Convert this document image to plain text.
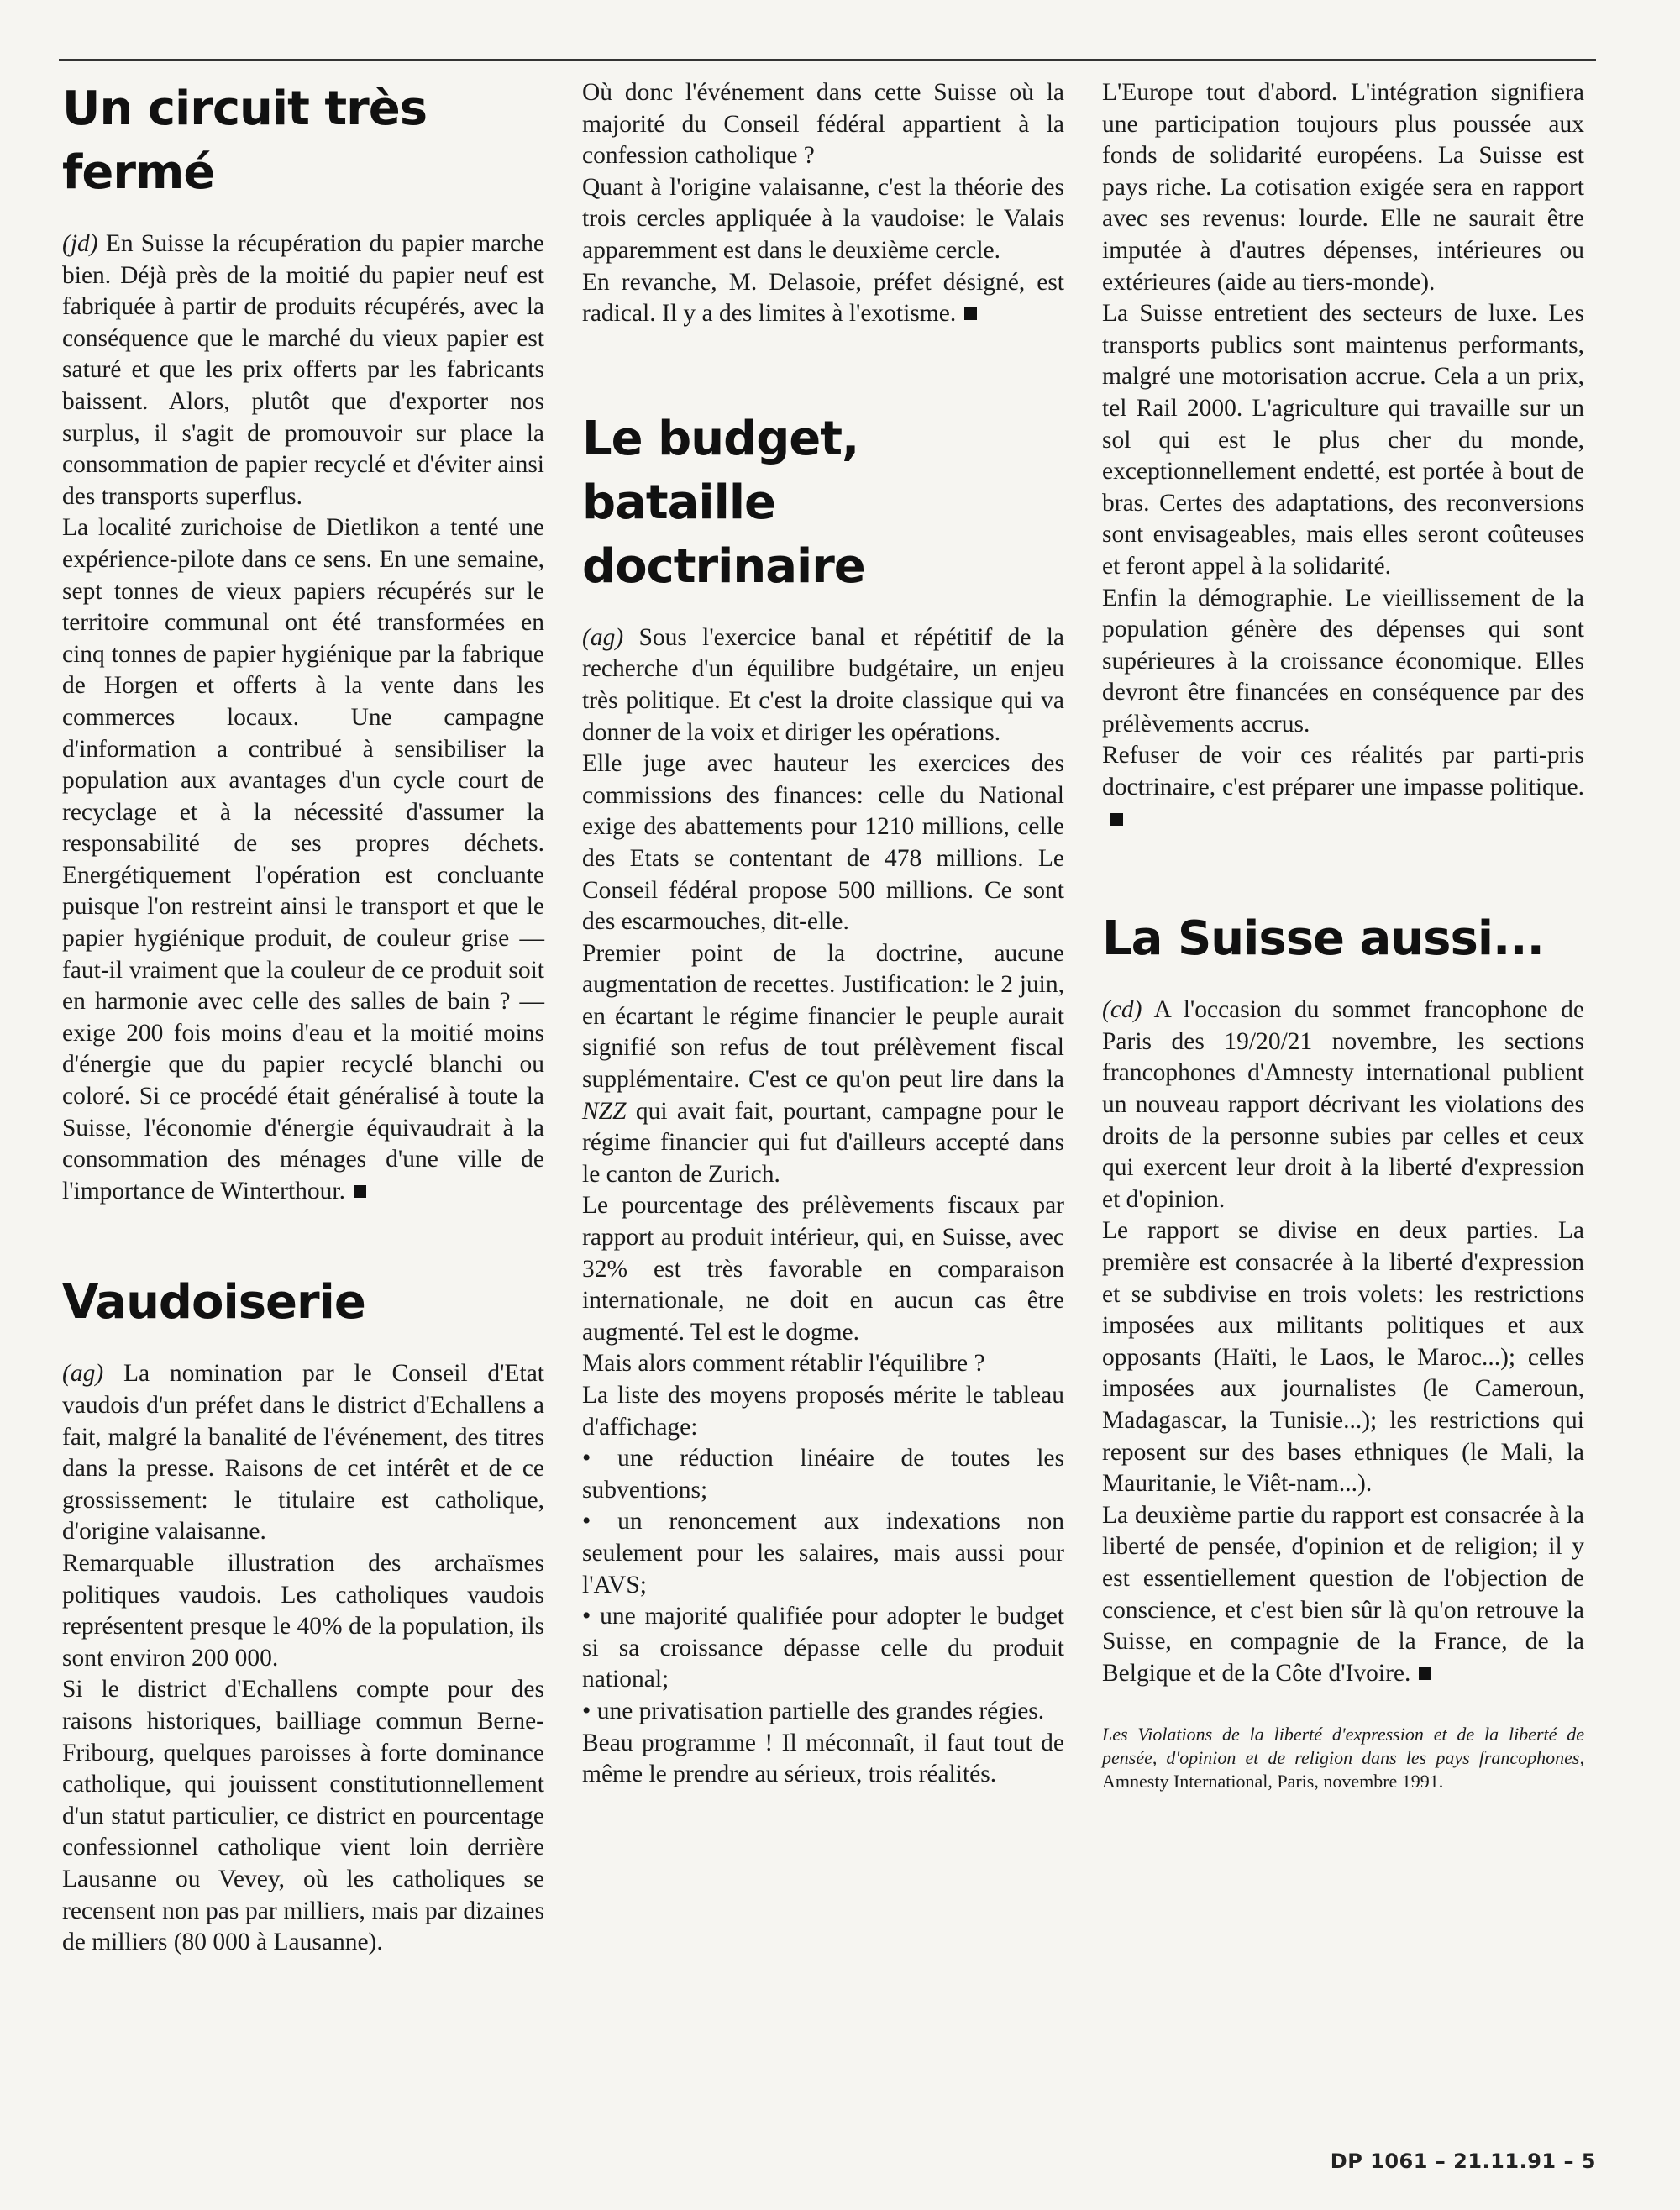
Un circuit très fermé

(jd) En Suisse la récupération du papier marche bien. Déjà près de la moitié du papier neuf est fabriquée à partir de produits récupérés, avec la conséquence que le marché du vieux papier est saturé et que les prix offerts par les fabricants baissent. Alors, plutôt que d'exporter nos surplus, il s'agit de promouvoir sur place la consommation de papier recyclé et d'éviter ainsi des transports superflus.

La localité zurichoise de Dietlikon a tenté une expérience-pilote dans ce sens. En une semaine, sept tonnes de vieux papiers récupérés sur le territoire communal ont été transformées en cinq tonnes de papier hygiénique par la fabrique de Horgen et offerts à la vente dans les commerces locaux. Une campagne d'information a contribué à sensibiliser la population aux avantages d'un cycle court de recyclage et à la nécessité d'assumer la responsabilité de ses propres déchets. Energétiquement l'opération est concluante puisque l'on restreint ainsi le transport et que le papier hygiénique produit, de couleur grise — faut-il vraiment que la couleur de ce produit soit en harmonie avec celle des salles de bain ? — exige 200 fois moins d'eau et la moitié moins d'énergie que du papier recyclé blanchi ou coloré. Si ce procédé était généralisé à toute la Suisse, l'économie d'énergie équivaudrait à la consommation des ménages d'une ville de l'importance de Winterthour.

Vaudoiserie

(ag) La nomination par le Conseil d'Etat vaudois d'un préfet dans le district d'Echallens a fait, malgré la banalité de l'événement, des titres dans la presse. Raisons de cet intérêt et de ce grossissement: le titulaire est catholique, d'origine valaisanne.

Remarquable illustration des archaïsmes politiques vaudois. Les catholiques vaudois représentent presque le 40% de la population, ils sont environ 200 000.

Si le district d'Echallens compte pour des raisons historiques, bailliage commun Berne-Fribourg, quelques paroisses à forte dominance catholique, qui jouissent constitutionnellement d'un statut particulier, ce district en pourcentage confessionnel catholique vient loin derrière Lausanne ou Vevey, où les catholiques se recensent non pas par milliers, mais par dizaines de milliers (80 000 à Lausanne).

Où donc l'événement dans cette Suisse où la majorité du Conseil fédéral appartient à la confession catholique ?

Quant à l'origine valaisanne, c'est la théorie des trois cercles appliquée à la vaudoise: le Valais apparemment est dans le deuxième cercle.

En revanche, M. Delasoie, préfet désigné, est radical. Il y a des limites à l'exotisme.

Le budget, bataille doctrinaire

(ag) Sous l'exercice banal et répétitif de la recherche d'un équilibre budgétaire, un enjeu très politique. Et c'est la droite classique qui va donner de la voix et diriger les opérations.

Elle juge avec hauteur les exercices des commissions des finances: celle du National exige des abattements pour 1210 millions, celle des Etats se contentant de 478 millions. Le Conseil fédéral propose 500 millions. Ce sont des escarmouches, dit-elle.

Premier point de la doctrine, aucune augmentation de recettes. Justification: le 2 juin, en écartant le régime financier le peuple aurait signifié son refus de tout prélèvement fiscal supplémentaire. C'est ce qu'on peut lire dans la NZZ qui avait fait, pourtant, campagne pour le régime financier qui fut d'ailleurs accepté dans le canton de Zurich.

Le pourcentage des prélèvements fiscaux par rapport au produit intérieur, qui, en Suisse, avec 32% est très favorable en comparaison internationale, ne doit en aucun cas être augmenté. Tel est le dogme.

Mais alors comment rétablir l'équilibre ?

La liste des moyens proposés mérite le tableau d'affichage:

• une réduction linéaire de toutes les subventions;

• un renoncement aux indexations non seulement pour les salaires, mais aussi pour l'AVS;

• une majorité qualifiée pour adopter le budget si sa croissance dépasse celle du produit national;

• une privatisation partielle des grandes régies.

Beau programme ! Il méconnaît, il faut tout de même le prendre au sérieux, trois réalités.

L'Europe tout d'abord. L'intégration signifiera une participation toujours plus poussée aux fonds de solidarité européens. La Suisse est pays riche. La cotisation exigée sera en rapport avec ses revenus: lourde. Elle ne saurait être imputée à d'autres dépenses, intérieures ou extérieures (aide au tiers-monde).

La Suisse entretient des secteurs de luxe. Les transports publics sont maintenus performants, malgré une motorisation accrue. Cela a un prix, tel Rail 2000. L'agriculture qui travaille sur un sol qui est le plus cher du monde, exceptionnellement endetté, est portée à bout de bras. Certes des adaptations, des reconversions sont envisageables, mais elles seront coûteuses et feront appel à la solidarité.

Enfin la démographie. Le vieillissement de la population génère des dépenses qui sont supérieures à la croissance économique. Elles devront être financées en conséquence par des prélèvements accrus.

Refuser de voir ces réalités par parti-pris doctrinaire, c'est préparer une impasse politique.

La Suisse aussi...

(cd) A l'occasion du sommet francophone de Paris des 19/20/21 novembre, les sections francophones d'Amnesty international publient un nouveau rapport décrivant les violations des droits de la personne subies par celles et ceux qui exercent leur droit à la liberté d'expression et d'opinion.

Le rapport se divise en deux parties. La première est consacrée à la liberté d'expression et se subdivise en trois volets: les restrictions imposées aux militants politiques et aux opposants (Haïti, le Laos, le Maroc...); celles imposées aux journalistes (le Cameroun, Madagascar, la Tunisie...); les restrictions qui reposent sur des bases ethniques (le Mali, la Mauritanie, le Viêt-nam...).

La deuxième partie du rapport est consacrée à la liberté de pensée, d'opinion et de religion; il y est essentiellement question de l'objection de conscience, et c'est bien sûr là qu'on retrouve la Suisse, en compagnie de la France, de la Belgique et de la Côte d'Ivoire.

Les Violations de la liberté d'expression et de la liberté de pensée, d'opinion et de religion dans les pays francophones, Amnesty International, Paris, novembre 1991.

DP 1061 – 21.11.91 – 5
